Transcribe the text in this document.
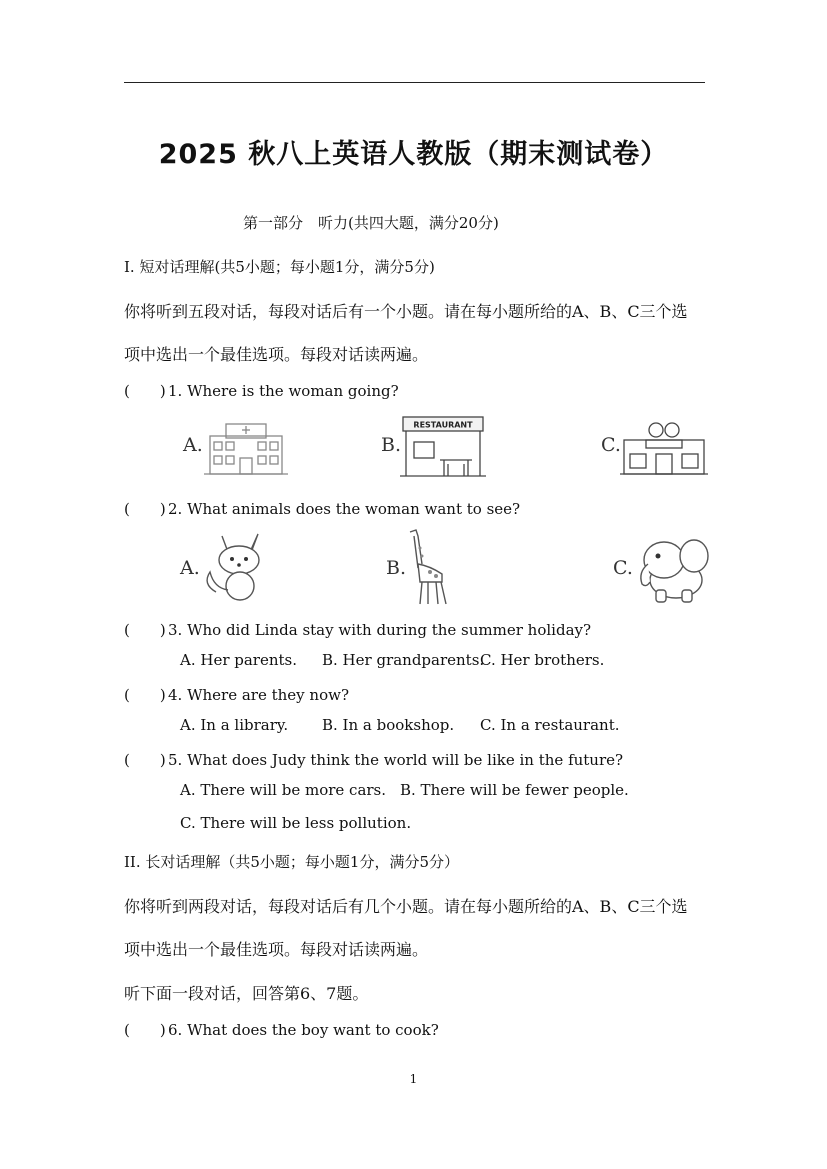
2025 秋八上英语人教版（期末测试卷）
第一部分　听力(共四大题，满分20分)
I. 短对话理解(共5小题；每小题1分，满分5分)
你将听到五段对话，每段对话后有一个小题。请在每小题所给的A、B、C三个选
项中选出一个最佳选项。每段对话读两遍。
(　　) 1. Where is the woman going?
A.	B.
RESTAURANT
C.
(　　) 2. What animals does the woman want to see?
A.	B.	C.
(　　) 3. Who did Linda stay with during the summer holiday?
A. Her parents. B. Her grandparents.
C. Her brothers.
(　　) 4. Where are they now?
A. In a library. B. In a bookshop. C. In a restaurant.
(　　) 5. What does Judy think the world will be like in the future?
A. There will be more cars. B. There will be fewer people.
C. There will be less pollution.
II. 长对话理解（共5小题；每小题1分，满分5分）
你将听到两段对话，每段对话后有几个小题。请在每小题所给的A、B、C三个选
项中选出一个最佳选项。每段对话读两遍。
听下面一段对话，回答第6、7题。
(　　) 6. What does the boy want to cook?
1
